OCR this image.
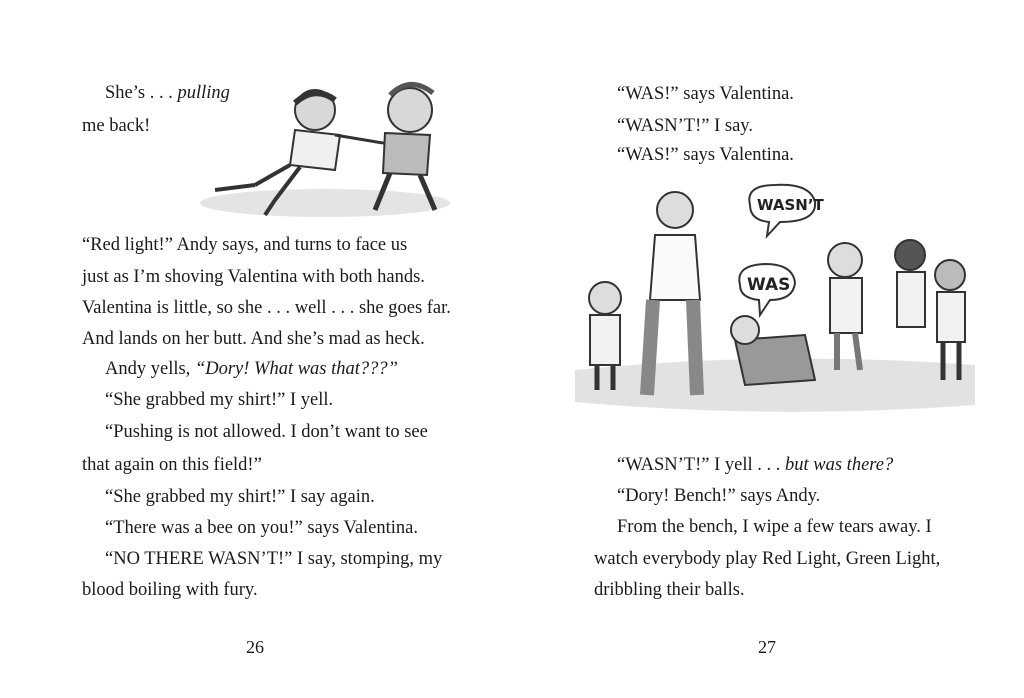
She’s . . . pulling
me back!
“Red light!” Andy says, and turns to face us
just as I’m shoving Valentina with both hands.
Valentina is little, so she . . . well . . . she goes far.
And lands on her butt. And she’s mad as heck.
Andy yells, “Dory! What was that???”
“She grabbed my shirt!” I yell.
“Pushing is not allowed. I don’t want to see
that again on this field!”
“She grabbed my shirt!” I say again.
“There was a bee on you!” says Valentina.
“NO THERE WASN’T!” I say, stomping, my
blood boiling with fury.
26
“WAS!” says Valentina.
“WASN’T!” I say.
“WAS!” says Valentina.
WASN’T
WAS
“WASN’T!” I yell . . . but was there?
“Dory! Bench!” says Andy.
From the bench, I wipe a few tears away. I
watch everybody play Red Light, Green Light,
dribbling their balls.
27
